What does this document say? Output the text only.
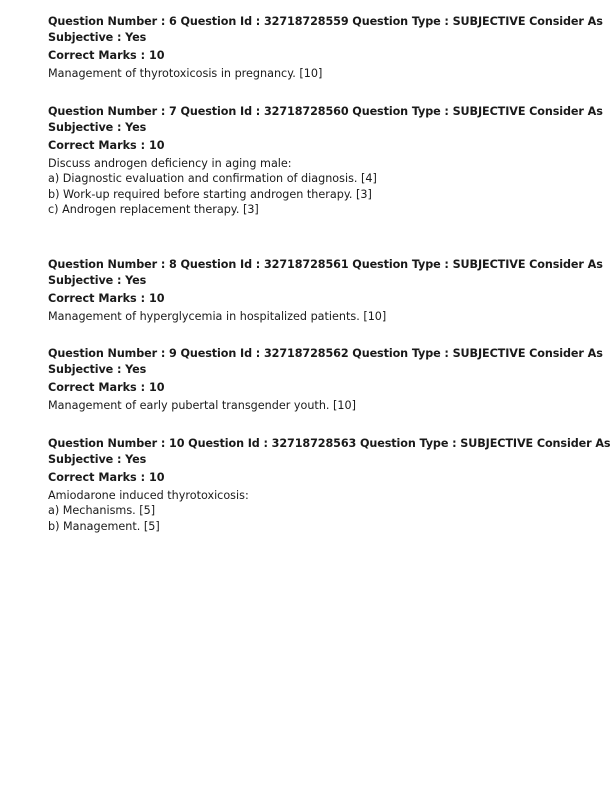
Question Number : 6 Question Id : 32718728559 Question Type : SUBJECTIVE Consider As
Subjective : Yes
Correct Marks : 10
Management of thyrotoxicosis in pregnancy. [10]
Question Number : 7 Question Id : 32718728560 Question Type : SUBJECTIVE Consider As
Subjective : Yes
Correct Marks : 10
Discuss androgen deficiency in aging male:
a) Diagnostic evaluation and confirmation of diagnosis. [4]
b) Work-up required before starting androgen therapy. [3]
c) Androgen replacement therapy. [3]
Question Number : 8 Question Id : 32718728561 Question Type : SUBJECTIVE Consider As
Subjective : Yes
Correct Marks : 10
Management of hyperglycemia in hospitalized patients. [10]
Question Number : 9 Question Id : 32718728562 Question Type : SUBJECTIVE Consider As
Subjective : Yes
Correct Marks : 10
Management of early pubertal transgender youth. [10]
Question Number : 10 Question Id : 32718728563 Question Type : SUBJECTIVE Consider As
Subjective : Yes
Correct Marks : 10
Amiodarone induced thyrotoxicosis:
a) Mechanisms. [5]
b) Management. [5]
